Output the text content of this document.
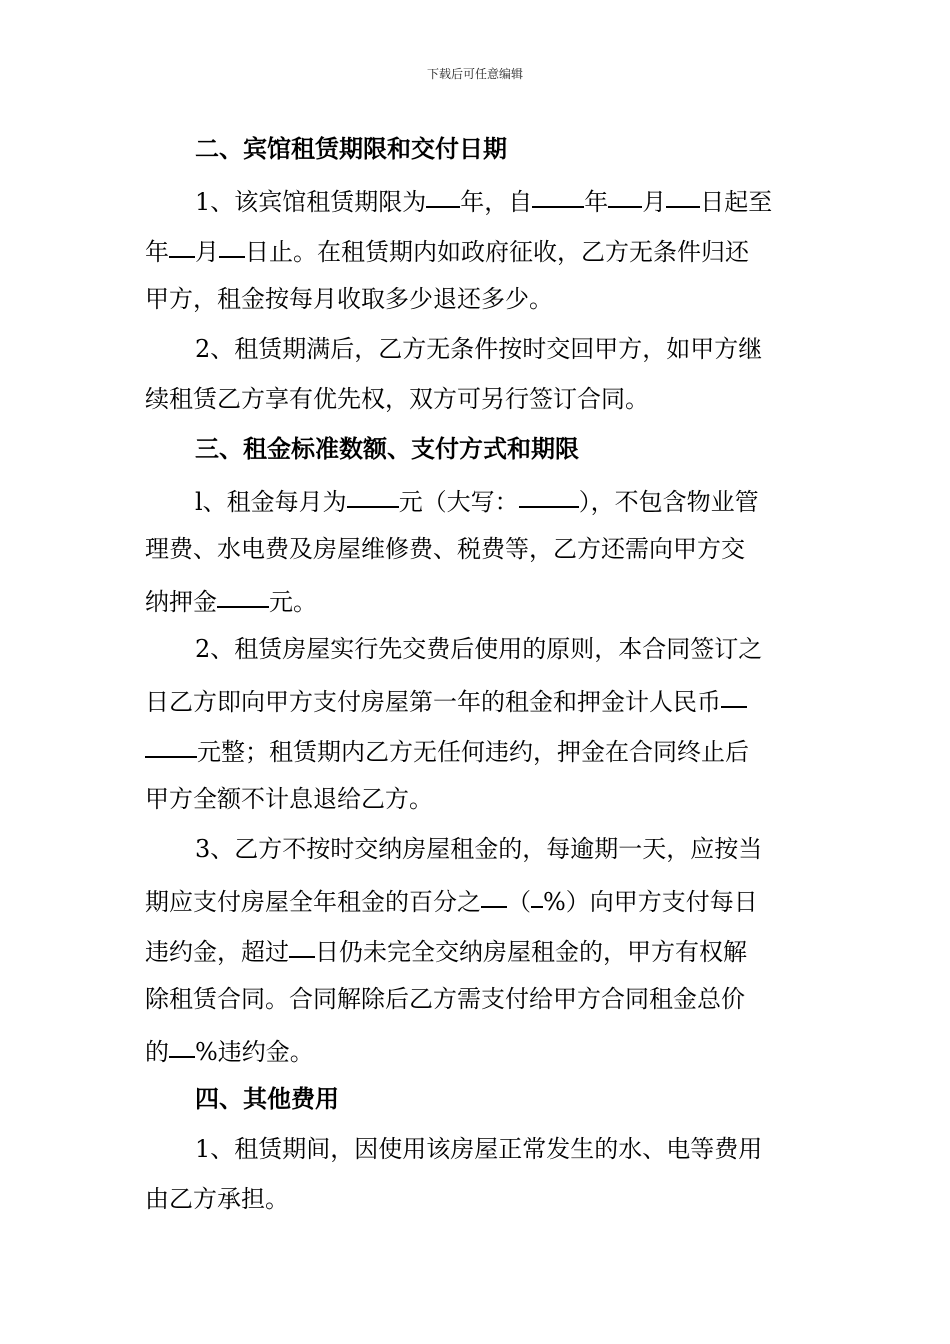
下载后可任意编辑
二、宾馆租赁期限和交付日期
1、该宾馆租赁期限为 年，自 年 月 日起至
年 月 日止。在租赁期内如政府征收，乙方无条件归还
甲方，租金按每月收取多少退还多少。
2、租赁期满后，乙方无条件按时交回甲方，如甲方继
续租赁乙方享有优先权，双方可另行签订合同。
三、租金标准数额、支付方式和期限
l、租金每月为 元（大写：	），不包含物业管
理费、水电费及房屋维修费、税费等，乙方还需向甲方交
纳押金 元。
2、租赁房屋实行先交费后使用的原则，本合同签订之
日乙方即向甲方支付房屋第一年的租金和押金计人民币
元整；租赁期内乙方无任何违约，押金在合同终止后
甲方全额不计息退给乙方。
3、乙方不按时交纳房屋租金的，每逾期一天，应按当
期应支付房屋全年租金的百分之 （ %）向甲方支付每日
违约金，超过 日仍未完全交纳房屋租金的，甲方有权解
除租赁合同。合同解除后乙方需支付给甲方合同租金总价
的 %违约金。
四、其他费用
1、租赁期间，因使用该房屋正常发生的水、电等费用
由乙方承担。
